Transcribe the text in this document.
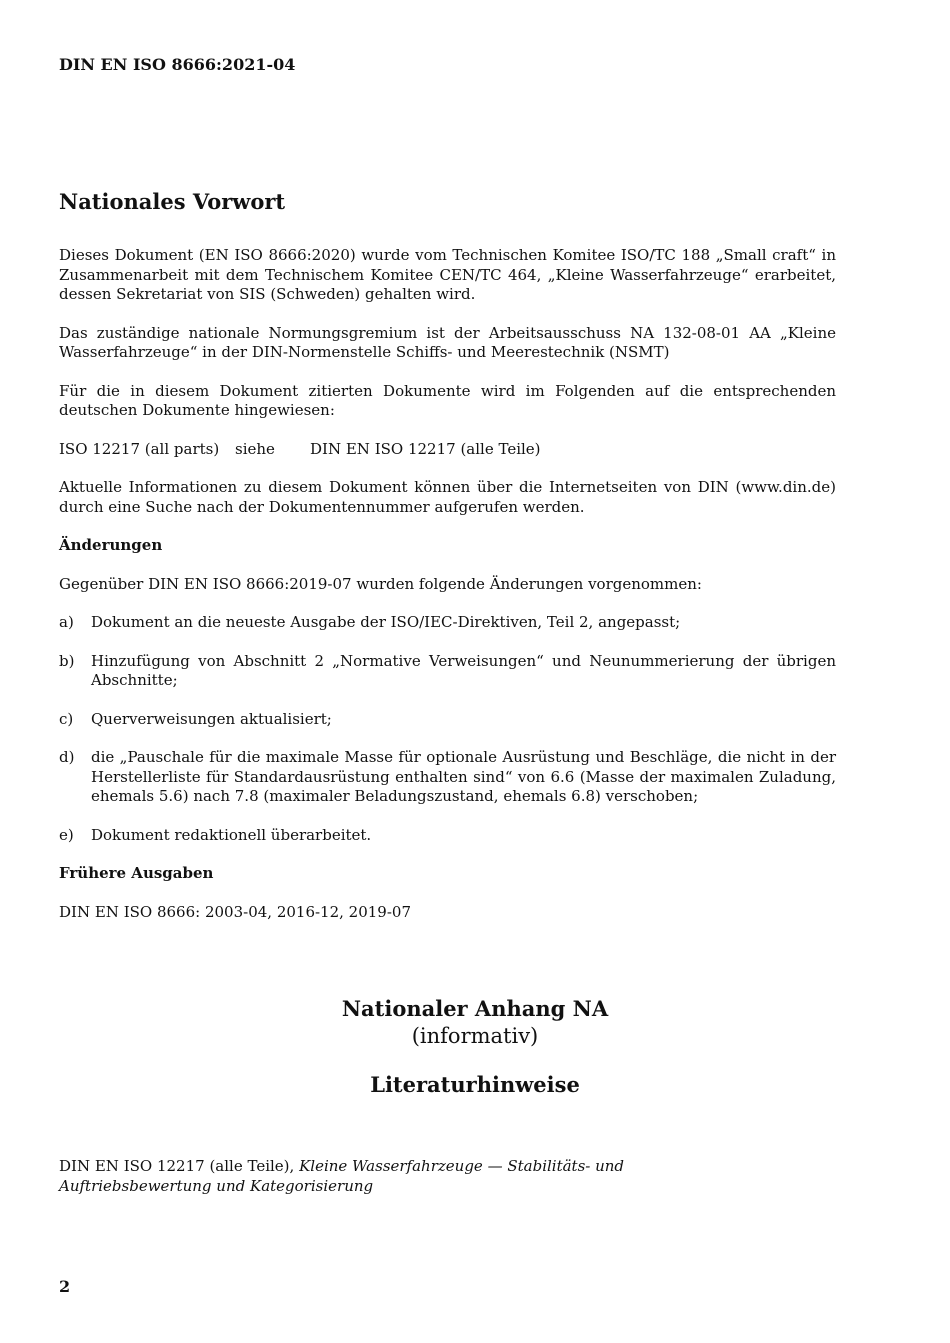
DIN EN ISO 8666:2021-04
Nationales Vorwort

Dieses Dokument (EN ISO 8666:2020) wurde vom Technischen Komitee ISO/TC 188 „Small craft“ in Zusammenarbeit mit dem Technischem Komitee CEN/TC 464, „Kleine Wasserfahrzeuge“ erarbeitet, dessen Sekretariat von SIS (Schweden) gehalten wird.

Das zuständige nationale Normungsgremium ist der Arbeitsausschuss NA 132-08-01 AA „Kleine Wasserfahrzeuge“ in der DIN-Normenstelle Schiffs- und Meerestechnik (NSMT)

Für die in diesem Dokument zitierten Dokumente wird im Folgenden auf die entsprechenden deutschen Dokumente hingewiesen:

ISO 12217 (all parts)	siehe	DIN EN ISO 12217 (alle Teile)

Aktuelle Informationen zu diesem Dokument können über die Internetseiten von DIN (www.din.de) durch eine Suche nach der Dokumentennummer aufgerufen werden.

Änderungen

Gegenüber DIN EN ISO 8666:2019-07 wurden folgende Änderungen vorgenommen:

a)	Dokument an die neueste Ausgabe der ISO/IEC-Direktiven, Teil 2, angepasst;
b)	Hinzufügung von Abschnitt 2 „Normative Verweisungen“ und Neunummerierung der übrigen Abschnitte;
c)	Querverweisungen aktualisiert;
d)	die „Pauschale für die maximale Masse für optionale Ausrüstung und Beschläge, die nicht in der Herstellerliste für Standardausrüstung enthalten sind“ von 6.6 (Masse der maximalen Zuladung, ehemals 5.6) nach 7.8 (maximaler Beladungszustand, ehemals 6.8) verschoben;
e)	Dokument redaktionell überarbeitet.
Frühere Ausgaben

DIN EN ISO 8666: 2003-04, 2016-12, 2019-07

Nationaler Anhang NA
(informativ)
Literaturhinweise
DIN EN ISO 12217 (alle Teile), Kleine Wasserfahrzeuge — Stabilitäts- und Auftriebsbewertung und Kategorisierung
2
